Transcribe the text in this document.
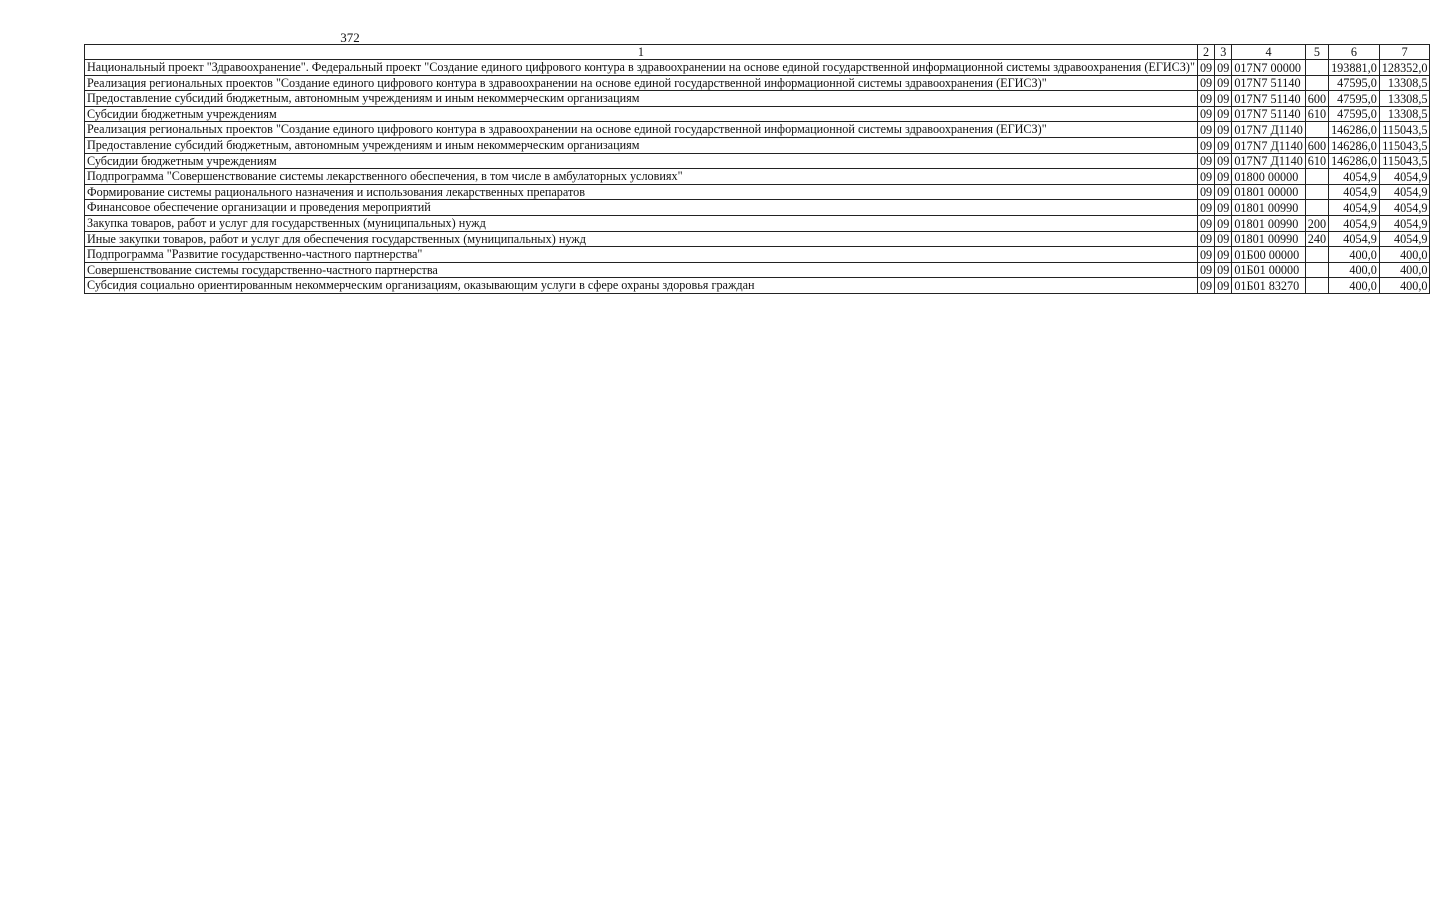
372
1	2	3	4	5	6	7
Национальный проект "Здравоохранение". Федеральный проект "Создание единого цифрового контура в здравоохранении на основе единой государственной информационной системы здравоохранения (ЕГИСЗ)"	09	09	017N7 00000		193881,0	128352,0
Реализация региональных проектов "Создание единого цифрового контура в здравоохранении на основе единой государственной информационной системы здравоохранения (ЕГИСЗ)"	09	09	017N7 51140		47595,0	13308,5
Предоставление субсидий бюджетным, автономным учреждениям и иным некоммерческим организациям	09	09	017N7 51140	600	47595,0	13308,5
Субсидии бюджетным учреждениям	09	09	017N7 51140	610	47595,0	13308,5
Реализация региональных проектов "Создание единого цифрового контура в здравоохранении на основе единой государственной информационной системы здравоохранения (ЕГИСЗ)"	09	09	017N7 Д1140		146286,0	115043,5
Предоставление субсидий бюджетным, автономным учреждениям и иным некоммерческим организациям	09	09	017N7 Д1140	600	146286,0	115043,5
Субсидии бюджетным учреждениям	09	09	017N7 Д1140	610	146286,0	115043,5
Подпрограмма "Совершенствование системы лекарственного обеспечения, в том числе в амбулаторных условиях"	09	09	01800 00000		4054,9	4054,9
Формирование системы рационального назначения и использования лекарственных препаратов	09	09	01801 00000		4054,9	4054,9
Финансовое обеспечение организации и проведения мероприятий	09	09	01801 00990		4054,9	4054,9
Закупка товаров, работ и услуг для государственных (муниципальных) нужд	09	09	01801 00990	200	4054,9	4054,9
Иные закупки товаров, работ и услуг для обеспечения государственных (муниципальных) нужд	09	09	01801 00990	240	4054,9	4054,9
Подпрограмма "Развитие государственно-частного партнерства"	09	09	01Б00 00000		400,0	400,0
Совершенствование системы государственно-частного партнерства	09	09	01Б01 00000		400,0	400,0
Субсидия социально ориентированным некоммерческим организациям, оказывающим услуги в сфере охраны здоровья граждан	09	09	01Б01 83270		400,0	400,0
